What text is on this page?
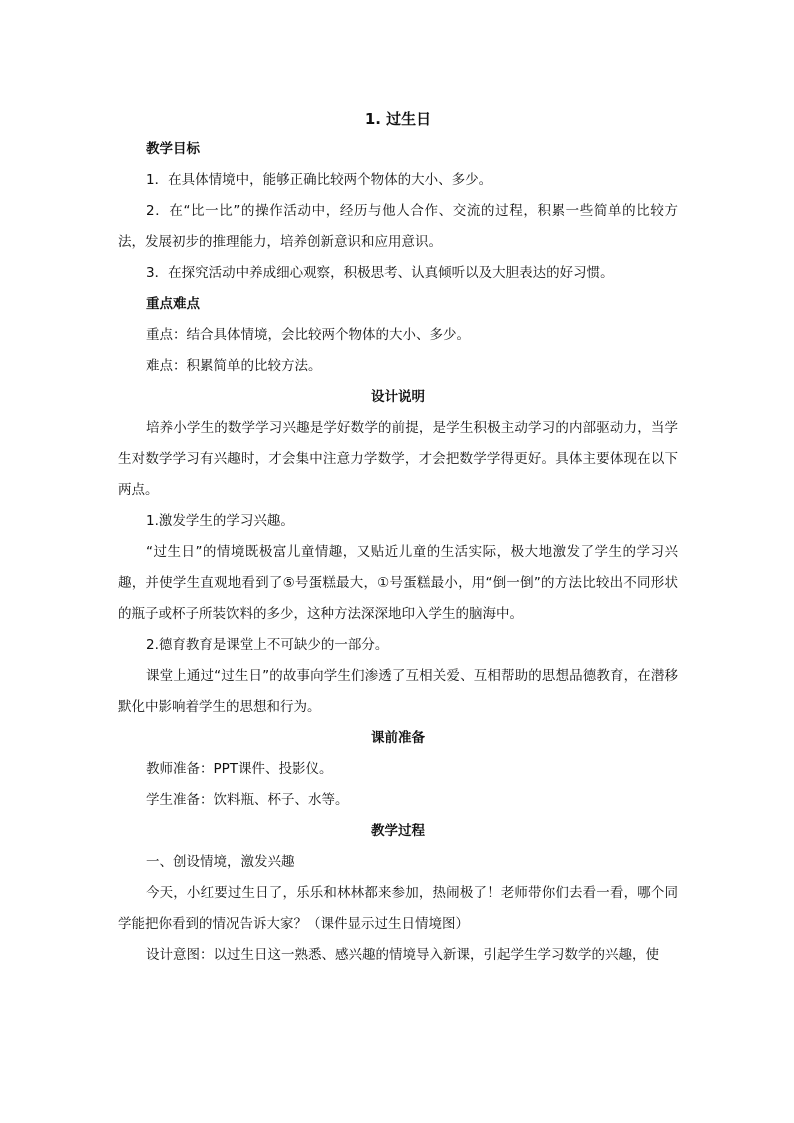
1. 过生日
教学目标

1．在具体情境中，能够正确比较两个物体的大小、多少。

2．在“比一比”的操作活动中，经历与他人合作、交流的过程，积累一些简单的比较方法，发展初步的推理能力，培养创新意识和应用意识。

3．在探究活动中养成细心观察，积极思考、认真倾听以及大胆表达的好习惯。

重点难点

重点：结合具体情境，会比较两个物体的大小、多少。

难点：积累简单的比较方法。

设计说明

培养小学生的数学学习兴趣是学好数学的前提，是学生积极主动学习的内部驱动力，当学生对数学学习有兴趣时，才会集中注意力学数学，才会把数学学得更好。具体主要体现在以下两点。

1.激发学生的学习兴趣。

“过生日”的情境既极富儿童情趣，又贴近儿童的生活实际，极大地激发了学生的学习兴趣，并使学生直观地看到了⑤号蛋糕最大，①号蛋糕最小，用“倒一倒”的方法比较出不同形状的瓶子或杯子所装饮料的多少，这种方法深深地印入学生的脑海中。

2.德育教育是课堂上不可缺少的一部分。

课堂上通过“过生日”的故事向学生们渗透了互相关爱、互相帮助的思想品德教育，在潜移默化中影响着学生的思想和行为。

课前准备

教师准备：PPT课件、投影仪。

学生准备：饮料瓶、杯子、水等。

教学过程

一、创设情境，激发兴趣

今天，小红要过生日了，乐乐和林林都来参加，热闹极了！老师带你们去看一看，哪个同学能把你看到的情况告诉大家？（课件显示过生日情境图）

设计意图：以过生日这一熟悉、感兴趣的情境导入新课，引起学生学习数学的兴趣，使
